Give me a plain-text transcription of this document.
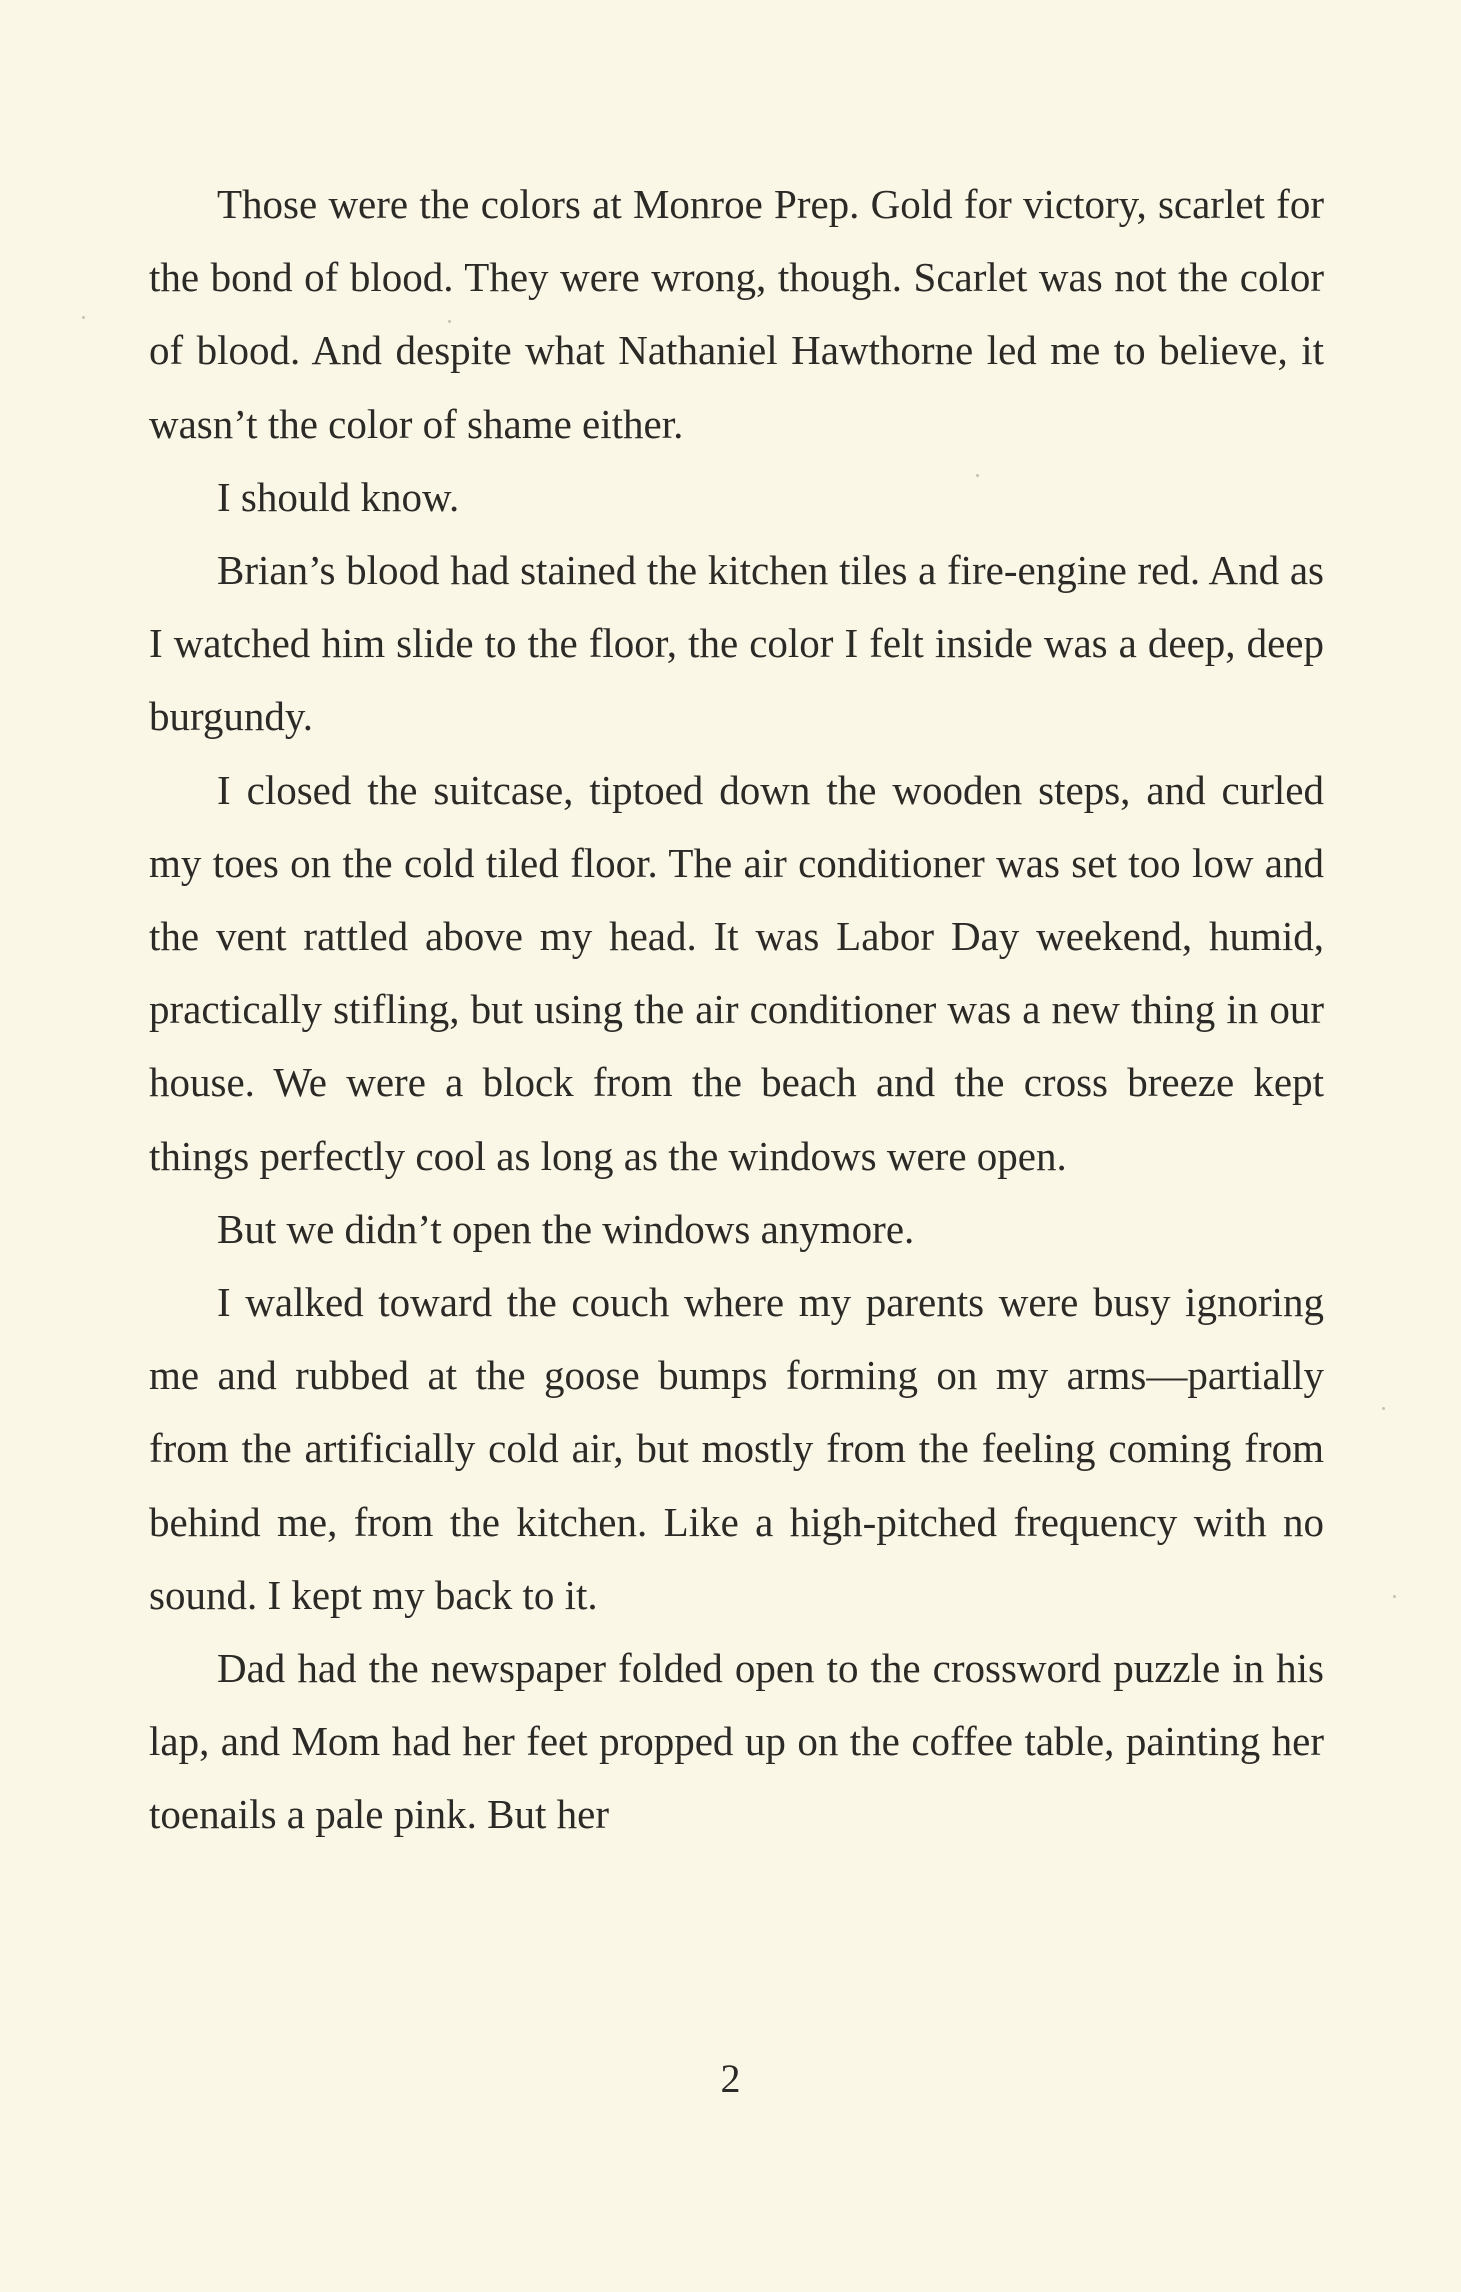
Those were the colors at Monroe Prep. Gold for victory, scarlet for the bond of blood. They were wrong, though. Scarlet was not the color of blood. And despite what Nathaniel Hawthorne led me to believe, it wasn’t the color of shame either.

I should know.

Brian’s blood had stained the kitchen tiles a fire-engine red. And as I watched him slide to the floor, the color I felt inside was a deep, deep burgundy.

I closed the suitcase, tiptoed down the wooden steps, and curled my toes on the cold tiled floor. The air conditioner was set too low and the vent rattled above my head. It was Labor Day weekend, humid, practically stifling, but using the air conditioner was a new thing in our house. We were a block from the beach and the cross breeze kept things perfectly cool as long as the windows were open.

But we didn’t open the windows anymore.

I walked toward the couch where my parents were busy ignoring me and rubbed at the goose bumps forming on my arms—partially from the artificially cold air, but mostly from the feeling coming from behind me, from the kitchen. Like a high-pitched frequency with no sound. I kept my back to it.

Dad had the newspaper folded open to the crossword puzzle in his lap, and Mom had her feet propped up on the coffee table, painting her toenails a pale pink. But her

2
